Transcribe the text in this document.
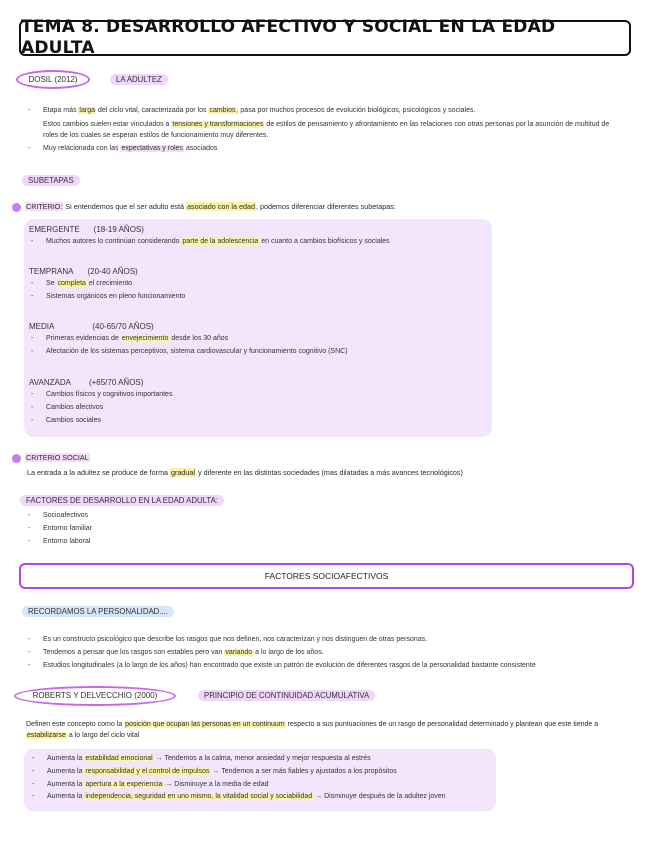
TEMA 8. DESARROLLO AFECTIVO Y SOCIAL EN LA EDAD ADULTA
DOSIL (2012)	LA ADULTEZ
- Etapa más larga del ciclo vital, caracterizada por los cambios, pasa por muchos procesos de evolución biológicos, psicológicos y sociales.
Estos cambios suelen estar vinculados a tensiones y transformaciones de estilos de pensamiento y afrontamiento en las relaciones con otras personas por la asunción de multitud de roles de los cuales se esperan estilos de funcionamiento muy diferentes.
- Muy relacionada con las expectativas y roles asociados
SUBETAPAS
CRITERIO: Si entendemos que el ser adulto está asociado con la edad, podemos diferenciar diferentes subetapas:
EMERGENTE (18-19 AÑOS)
- Muchos autores lo continúan considerando parte de la adolescencia en cuanto a cambios biofísicos y sociales
TEMPRANA (20-40 AÑOS)
- Se completa el crecimiento
- Sistemas orgánicos en pleno funcionamiento
MEDIA	(40-65/70 AÑOS)
- Primeras evidencias de envejecimiento desde los 30 años
- Afectación de los sistemas perceptivos, sistema cardiovascular y funcionamiento cognitivo (SNC)
AVANZADA (+65/70 AÑOS)
- Cambios físicos y cognitivos importantes
- Cambios afectivos
- Cambios sociales
CRITERIO SOCIAL
La entrada a la adultez se produce de forma gradual y diferente en las distintas sociedades (mas dilatadas a más avances tecnológicos)
FACTORES DE DESARROLLO EN LA EDAD ADULTA:
- Socioafectivos
- Entorno familiar
- Entorno laboral
FACTORES SOCIOAFECTIVOS
RECORDAMOS LA PERSONALIDAD....
- Es un constructo psicológico que describe los rasgos que nos definen, nos caracterizan y nos distinguen de otras personas.
- Tendemos a pensar que los rasgos son estables pero van variando a lo largo de los años.
- Estudios longitudinales (a lo largo de los años) han encontrado que existe un patrón de evolución de diferentes rasgos de la personalidad bastante consistente
ROBERTS Y DELVECCHIO (2000)	PRINCIPIO DE CONTINUIDAD ACUMULATIVA
Definen este concepto como la posición que ocupan las personas en un continuum respecto a sus puntuaciones de un rasgo de personalidad determinado y plantean que este tiende a estabilizarse a lo largo del ciclo vital
- Aumenta la estabilidad emocional → Tendemos a la calma, menor ansiedad y mejor respuesta al estrés
- Aumenta la responsabilidad y el control de impulsos → Tendemos a ser más fiables y ajustados a los propósitos
- Aumenta la apertura a la experiencia → Disminuye a la media de edad
- Aumenta la independencia, seguridad en uno mismo, la vitalidad social y sociabilidad → Disminuye después de la adultez joven
